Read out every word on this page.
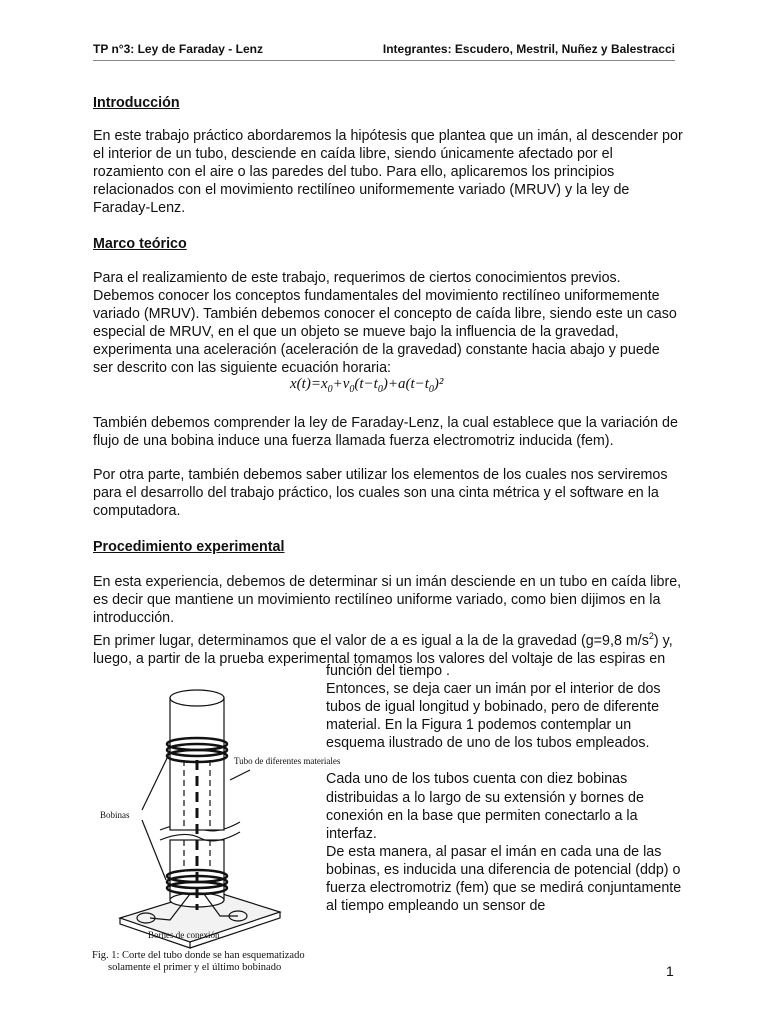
TP n°3: Ley de Faraday - Lenz	Integrantes: Escudero, Mestril, Nuñez y Balestracci
Introducción

En este trabajo práctico abordaremos la hipótesis que plantea que un imán, al descender por el interior de un tubo, desciende en caída libre, siendo únicamente afectado por el rozamiento con el aire o las paredes del tubo. Para ello, aplicaremos los principios relacionados con el movimiento rectilíneo uniformemente variado (MRUV) y la ley de Faraday-Lenz.

Marco teórico

Para el realizamiento de este trabajo, requerimos de ciertos conocimientos previos. Debemos conocer los conceptos fundamentales del movimiento rectilíneo uniformemente variado (MRUV). También debemos conocer el concepto de caída libre, siendo este un caso especial de MRUV, en el que un objeto se mueve bajo la influencia de la gravedad, experimenta una aceleración (aceleración de la gravedad) constante hacia abajo y puede ser descrito con las siguiente ecuación horaria:

$x(t)=x_0+v_0(t-t_0)+a(t-t_0)^2$

También debemos comprender la ley de Faraday-Lenz, la cual establece que la variación de flujo de una bobina induce una fuerza llamada fuerza electromotriz inducida (fem).

Por otra parte, también debemos saber utilizar los elementos de los cuales nos serviremos para el desarrollo del trabajo práctico, los cuales son una cinta métrica y el software en la computadora.

Procedimiento experimental

En esta experiencia, debemos de determinar si un imán desciende en un tubo en caída libre, es decir que mantiene un movimiento rectilíneo uniforme variado, como bien dijimos en la introducción.

En primer lugar, determinamos que el valor de a es igual a la de la gravedad (g=9,8 $m/s^2$) y, luego, a partir de la prueba experimental tomamos los valores del voltaje de las espiras en

función del tiempo .

Entonces, se deja caer un imán por el interior de dos tubos de igual longitud y bobinado, pero de diferente material. En la Figura 1 podemos contemplar un esquema ilustrado de uno de los tubos empleados.

Cada uno de los tubos cuenta con diez bobinas distribuidas a lo largo de su extensión y bornes de conexión en la base que permiten conectarlo a la interfaz.

De esta manera, al pasar el imán en cada una de las bobinas, es inducida una diferencia de potencial (ddp) o fuerza electromotriz (fem) que se medirá conjuntamente al tiempo empleando un sensor de

Tubo de diferentes materiales
Bobinas
Bornes de conexión
Fig. 1: Corte del tubo donde se han esquematizado
solamente el primer y el último bobinado	1
